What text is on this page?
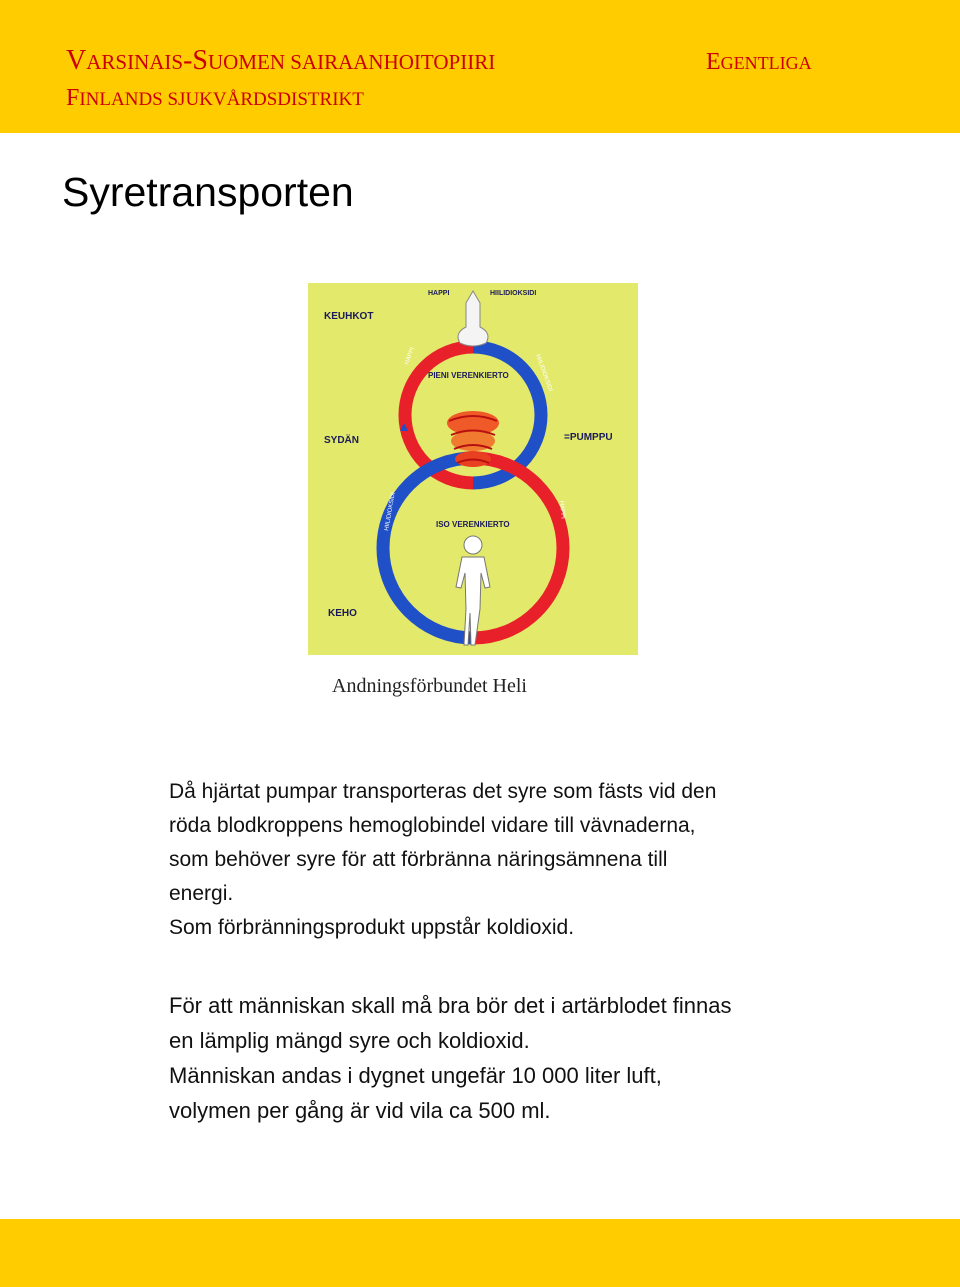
VARSINAIS-SUOMEN SAIRAANHOITOPIIRI
FINLANDS SJUKVÅRDSDISTRIKT
EGENTLIGA
Syretransporten
KEUHKOT
HAPPI	HIILIDIOKSIDI
PIENI VERENKIERTO
SYDÄN	=PUMPPU
ISO VERENKIERTO
KEHO
HAPPI	HIILIDIOKSIDI
HIILIDIOKSIDI	HAPPI
Andningsförbundet Heli

Då hjärtat pumpar transporteras det syre som fästs vid den

röda blodkroppens hemoglobindel vidare till vävnaderna,

som behöver syre för att förbränna näringsämnena till

energi.

Som förbränningsprodukt uppstår koldioxid.

För att människan skall må bra bör det i artärblodet finnas

en lämplig mängd syre och koldioxid.

Människan andas i dygnet ungefär 10 000 liter luft,

volymen per gång är vid vila ca 500 ml.
